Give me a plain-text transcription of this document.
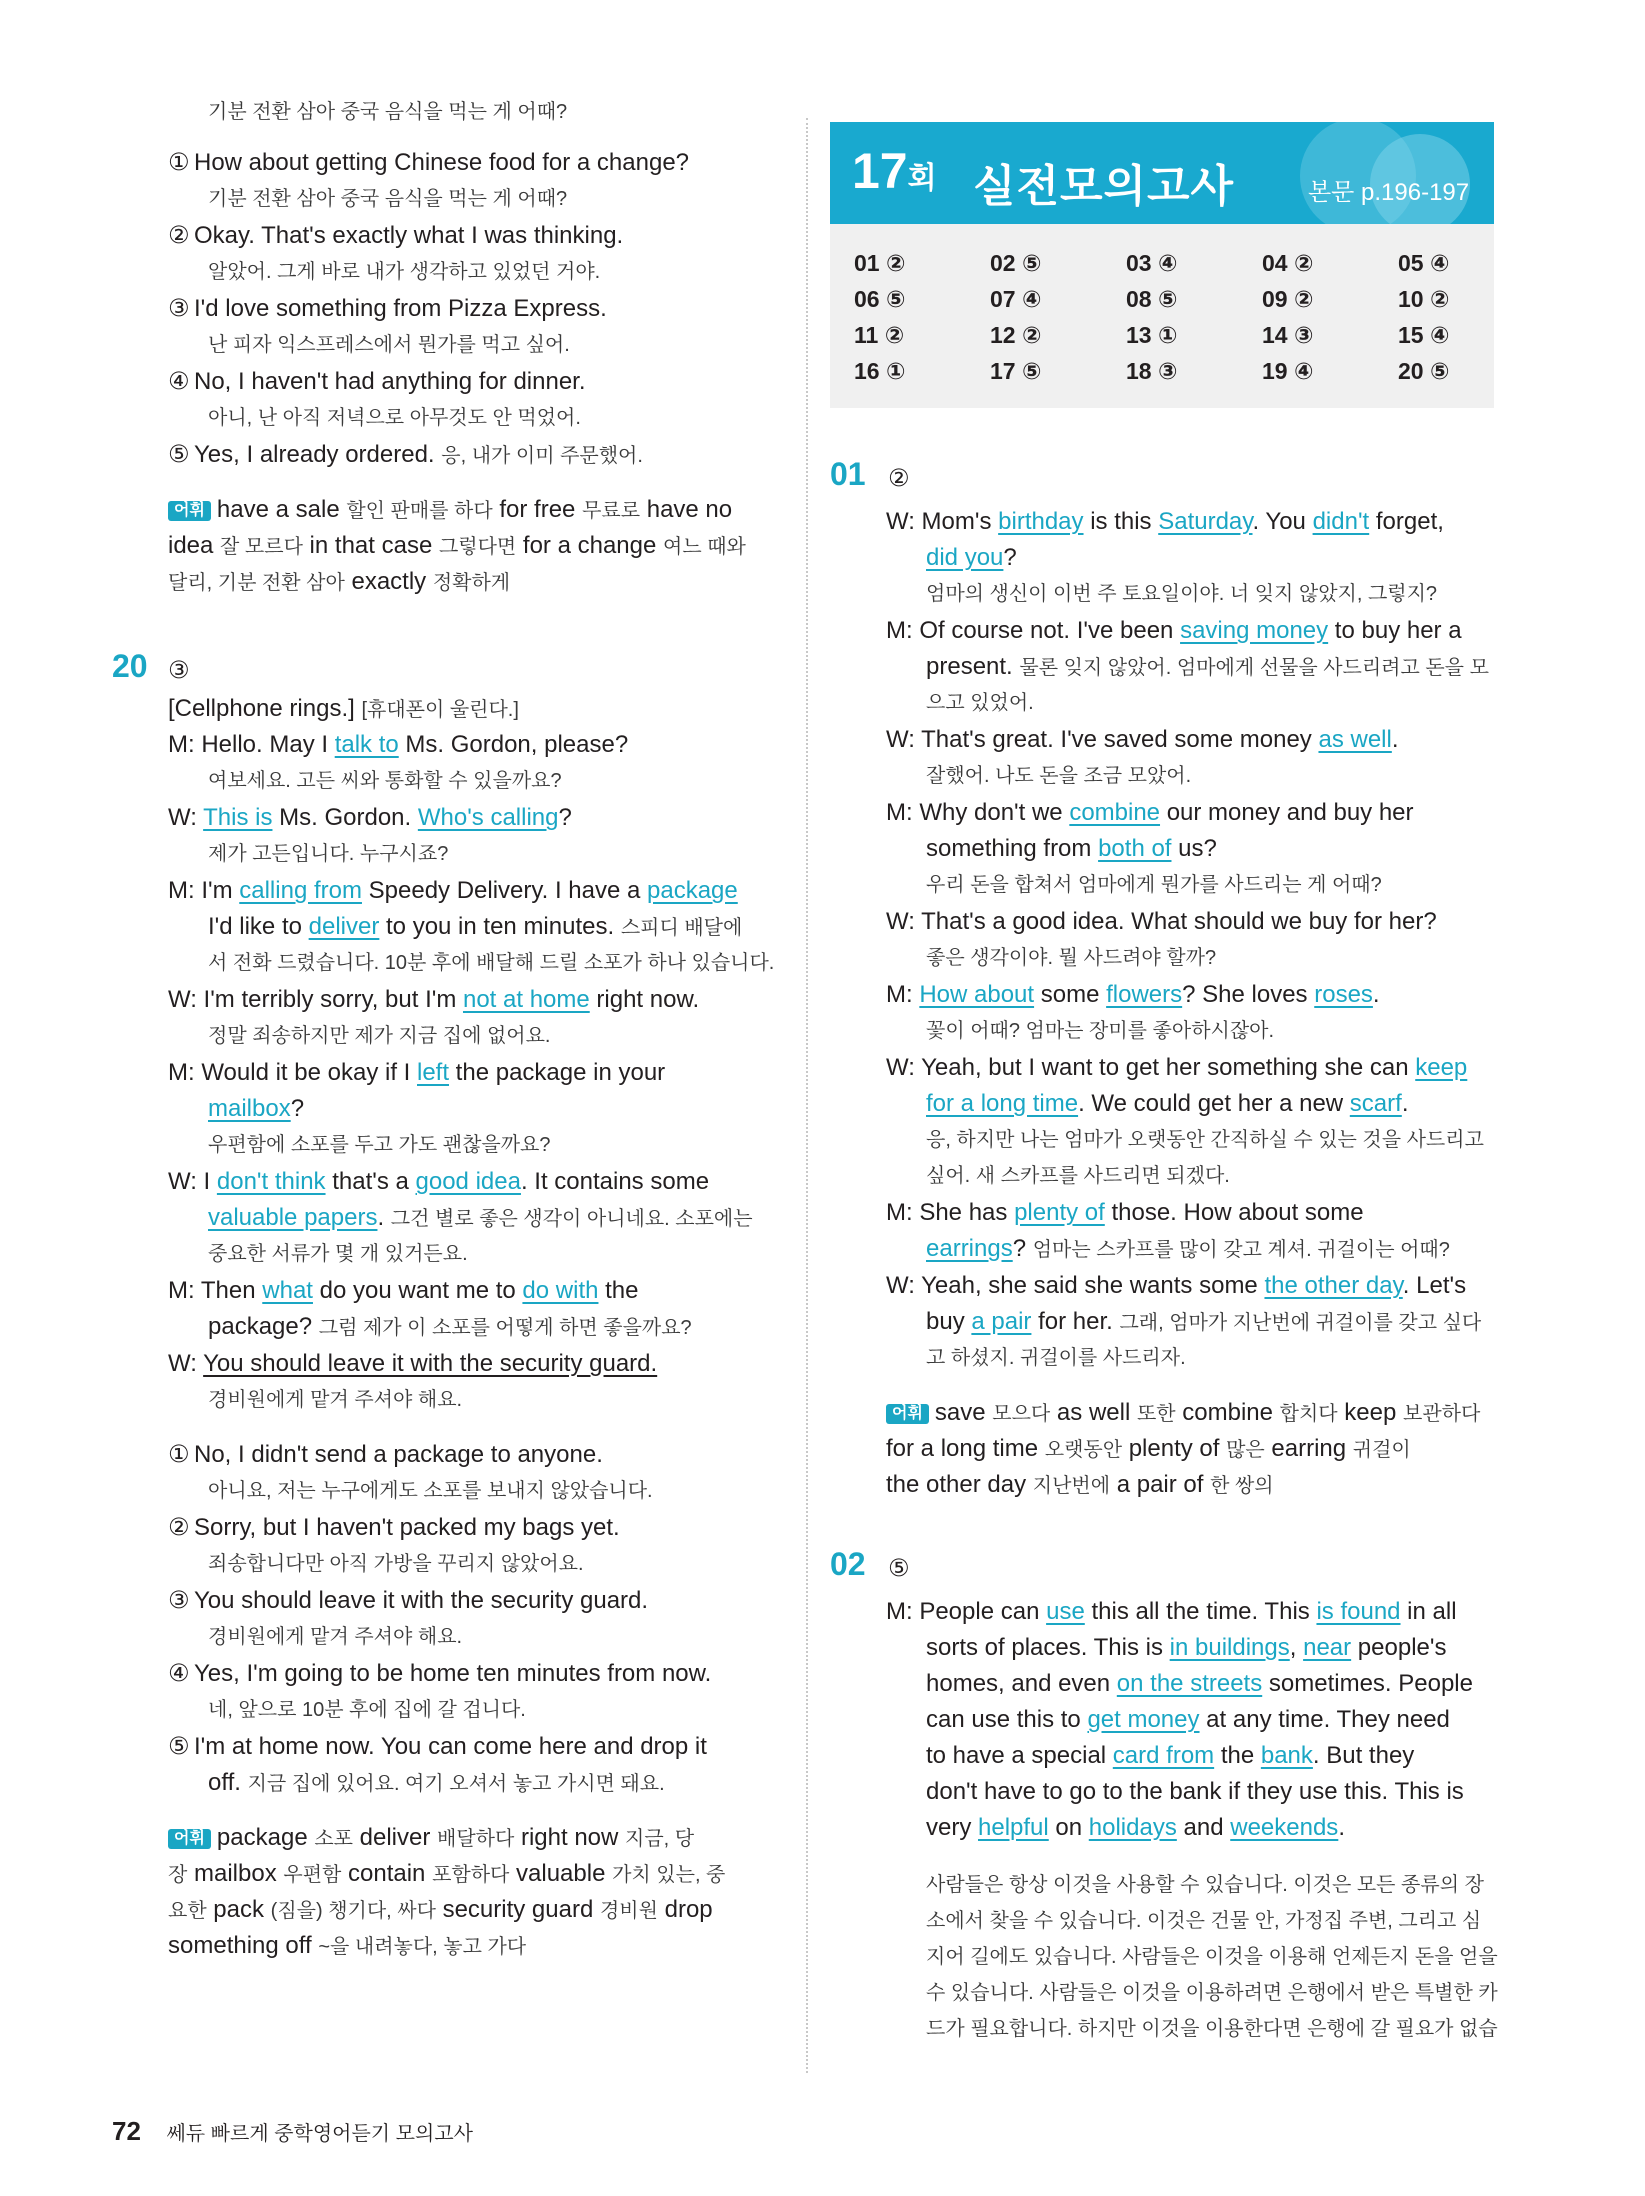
기분 전환 삼아 중국 음식을 먹는 게 어때?
① How about getting Chinese food for a change?
기분 전환 삼아 중국 음식을 먹는 게 어때?
② Okay. That's exactly what I was thinking.
알았어. 그게 바로 내가 생각하고 있었던 거야.
③ I'd love something from Pizza Express.
난 피자 익스프레스에서 뭔가를 먹고 싶어.
④ No, I haven't had anything for dinner.
아니, 난 아직 저녁으로 아무것도 안 먹었어.
⑤ Yes, I already ordered. 응, 내가 이미 주문했어.
어휘 have a sale 할인 판매를 하다 for free 무료로 have no
idea 잘 모르다 in that case 그렇다면 for a change 여느 때와
달리, 기분 전환 삼아 exactly 정확하게
[Cellphone rings.] [휴대폰이 울린다.]
M: Hello. May I talk to Ms. Gordon, please?
여보세요. 고든 씨와 통화할 수 있을까요?
W: This is Ms. Gordon. Who's calling?
제가 고든입니다. 누구시죠?
M: I'm calling from Speedy Delivery. I have a package
I'd like to deliver to you in ten minutes. 스피디 배달에
서 전화 드렸습니다. 10분 후에 배달해 드릴 소포가 하나 있습니다.
W: I'm terribly sorry, but I'm not at home right now.
정말 죄송하지만 제가 지금 집에 없어요.
M: Would it be okay if I left the package in your
mailbox?
우편함에 소포를 두고 가도 괜찮을까요?
W: I don't think that's a good idea. It contains some
valuable papers. 그건 별로 좋은 생각이 아니네요. 소포에는
중요한 서류가 몇 개 있거든요.
M: Then what do you want me to do with the
package? 그럼 제가 이 소포를 어떻게 하면 좋을까요?
W: You should leave it with the security guard.
경비원에게 맡겨 주셔야 해요.
① No, I didn't send a package to anyone.
아니요, 저는 누구에게도 소포를 보내지 않았습니다.
② Sorry, but I haven't packed my bags yet.
죄송합니다만 아직 가방을 꾸리지 않았어요.
③ You should leave it with the security guard.
경비원에게 맡겨 주셔야 해요.
④ Yes, I'm going to be home ten minutes from now.
네, 앞으로 10분 후에 집에 갈 겁니다.
⑤ I'm at home now. You can come here and drop it
off. 지금 집에 있어요. 여기 오셔서 놓고 가시면 돼요.
어휘 package 소포 deliver 배달하다 right now 지금, 당
장 mailbox 우편함 contain 포함하다 valuable 가치 있는, 중
요한 pack (짐을) 챙기다, 싸다 security guard 경비원 drop
something off ~을 내려놓다, 놓고 가다
20 ③
17회 실전모의고사	본문 p.196-197
01 ②	02 ⑤	03 ④	04 ②	05 ④
06 ⑤	07 ④	08 ⑤	09 ②	10 ②
11 ②	12 ②	13 ①	14 ③	15 ④
16 ①	17 ⑤	18 ③	19 ④	20 ⑤
01 ②
02 ⑤
W: Mom's birthday is this Saturday. You didn't forget,
did you?
엄마의 생신이 이번 주 토요일이야. 너 잊지 않았지, 그렇지?
M: Of course not. I've been saving money to buy her a
present. 물론 잊지 않았어. 엄마에게 선물을 사드리려고 돈을 모
으고 있었어.
W: That's great. I've saved some money as well.
잘했어. 나도 돈을 조금 모았어.
M: Why don't we combine our money and buy her
something from both of us?
우리 돈을 합쳐서 엄마에게 뭔가를 사드리는 게 어때?
W: That's a good idea. What should we buy for her?
좋은 생각이야. 뭘 사드려야 할까?
M: How about some flowers? She loves roses.
꽃이 어때? 엄마는 장미를 좋아하시잖아.
W: Yeah, but I want to get her something she can keep
for a long time. We could get her a new scarf.
응, 하지만 나는 엄마가 오랫동안 간직하실 수 있는 것을 사드리고
싶어. 새 스카프를 사드리면 되겠다.
M: She has plenty of those. How about some
earrings? 엄마는 스카프를 많이 갖고 계셔. 귀걸이는 어때?
W: Yeah, she said she wants some the other day. Let's
buy a pair for her. 그래, 엄마가 지난번에 귀걸이를 갖고 싶다
고 하셨지. 귀걸이를 사드리자.
어휘 save 모으다 as well 또한 combine 합치다 keep 보관하다
for a long time 오랫동안 plenty of 많은 earring 귀걸이
the other day 지난번에 a pair of 한 쌍의
M: People can use this all the time. This is found in all
sorts of places. This is in buildings, near people's
homes, and even on the streets sometimes. People
can use this to get money at any time. They need
to have a special card from the bank. But they
don't have to go to the bank if they use this. This is
very helpful on holidays and weekends.
사람들은 항상 이것을 사용할 수 있습니다. 이것은 모든 종류의 장
소에서 찾을 수 있습니다. 이것은 건물 안, 가정집 주변, 그리고 심
지어 길에도 있습니다. 사람들은 이것을 이용해 언제든지 돈을 얻을
수 있습니다. 사람들은 이것을 이용하려면 은행에서 받은 특별한 카
드가 필요합니다. 하지만 이것을 이용한다면 은행에 갈 필요가 없습
72 쎄듀 빠르게 중학영어듣기 모의고사
